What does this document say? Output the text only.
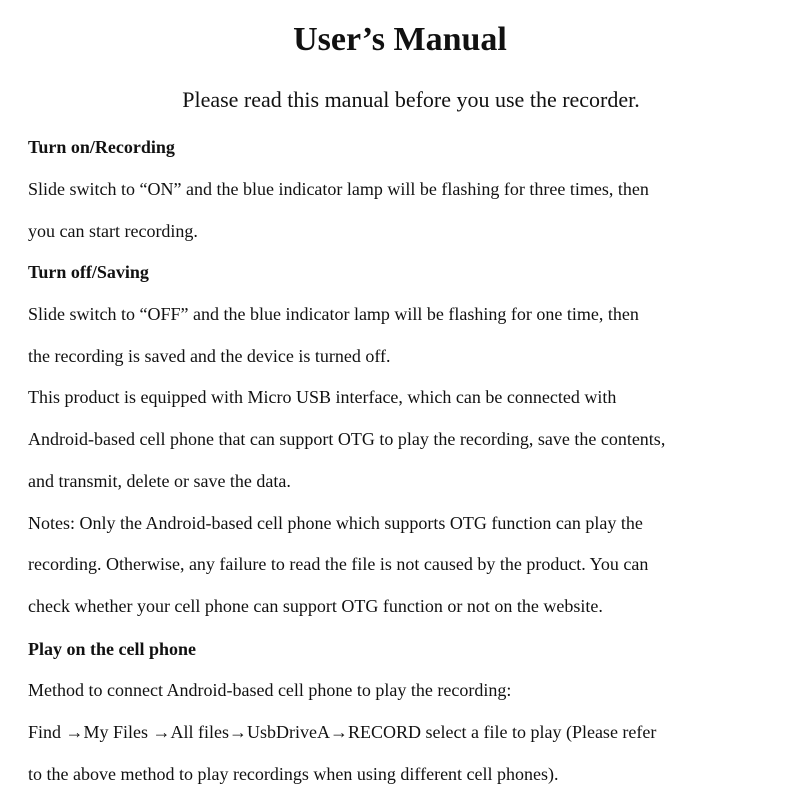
User’s Manual
Please read this manual before you use the recorder.
Turn on/Recording
Slide switch to “ON” and the blue indicator lamp will be flashing for three times, then
you can start recording.
Turn off/Saving
Slide switch to “OFF” and the blue indicator lamp will be flashing for one time, then
the recording is saved and the device is turned off.
This product is equipped with Micro USB interface, which can be connected with
Android-based cell phone that can support OTG to play the recording, save the contents,
and transmit, delete or save the data.
Notes: Only the Android-based cell phone which supports OTG function can play the
recording. Otherwise, any failure to read the file is not caused by the product. You can
check whether your cell phone can support OTG function or not on the website.
Play on the cell phone
Method to connect Android-based cell phone to play the recording:
Find →My Files →All files→UsbDriveA→RECORD select a file to play (Please refer
to the above method to play recordings when using different cell phones).
